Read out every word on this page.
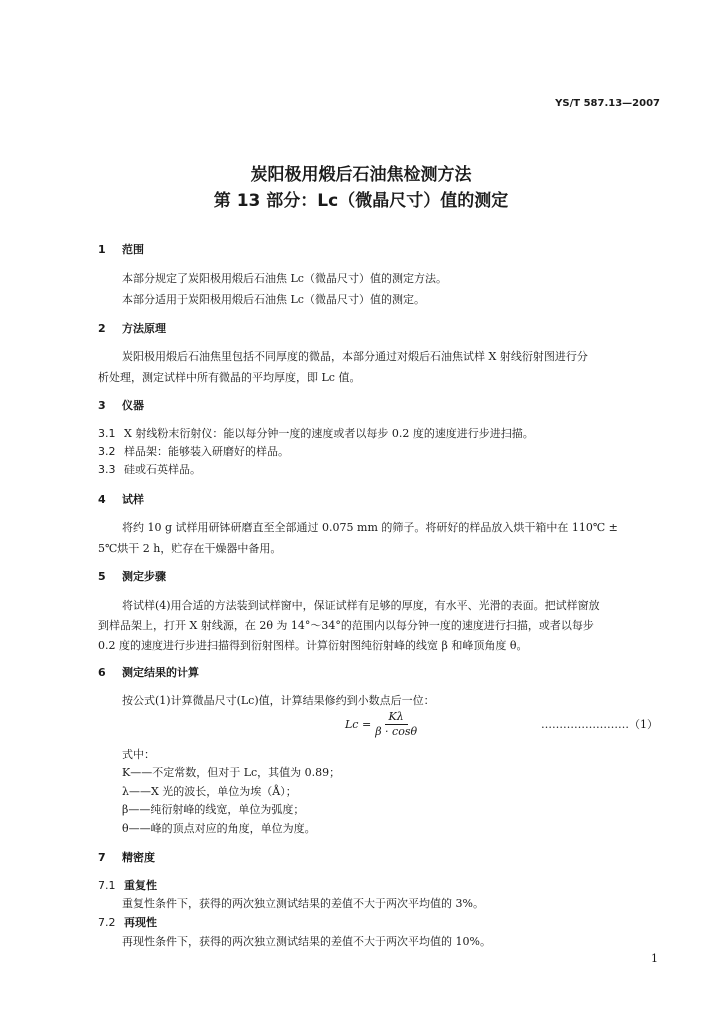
YS/T 587.13—2007
炭阳极用煅后石油焦检测方法
第 13 部分：Lc（微晶尺寸）值的测定
1 范围
本部分规定了炭阳极用煅后石油焦 Lc（微晶尺寸）值的测定方法。
本部分适用于炭阳极用煅后石油焦 Lc（微晶尺寸）值的测定。
2 方法原理
炭阳极用煅后石油焦里包括不同厚度的微晶，本部分通过对煅后石油焦试样 X 射线衍射图进行分
析处理，测定试样中所有微晶的平均厚度，即 Lc 值。
3 仪器
3.1 X 射线粉末衍射仪：能以每分钟一度的速度或者以每步 0.2 度的速度进行步进扫描。
3.2 样品架：能够装入研磨好的样品。
3.3 硅或石英样品。
4 试样
将约 10 g 试样用研钵研磨直至全部通过 0.075 mm 的筛子。将研好的样品放入烘干箱中在 110℃ ±
5℃烘干 2 h，贮存在干燥器中备用。
5 测定步骤
将试样(4)用合适的方法装到试样窗中，保证试样有足够的厚度，有水平、光滑的表面。把试样窗放
到样品架上，打开 X 射线源，在 2θ 为 14°～34°的范围内以每分钟一度的速度进行扫描，或者以每步
0.2 度的速度进行步进扫描得到衍射图样。计算衍射图纯衍射峰的线宽 β 和峰顶角度 θ。
6 测定结果的计算
按公式(1)计算微晶尺寸(Lc)值，计算结果修约到小数点后一位：
$Lc = \frac{K\lambda}{\beta \cdot \cos\theta}$	……………………（1）
式中：
K——不定常数，但对于 Lc，其值为 0.89；
λ——X 光的波长，单位为埃（Å）；
β——纯衍射峰的线宽，单位为弧度；
θ——峰的顶点对应的角度，单位为度。
7 精密度
7.1 重复性
重复性条件下，获得的两次独立测试结果的差值不大于两次平均值的 3%。
7.2 再现性
再现性条件下，获得的两次独立测试结果的差值不大于两次平均值的 10%。
1
